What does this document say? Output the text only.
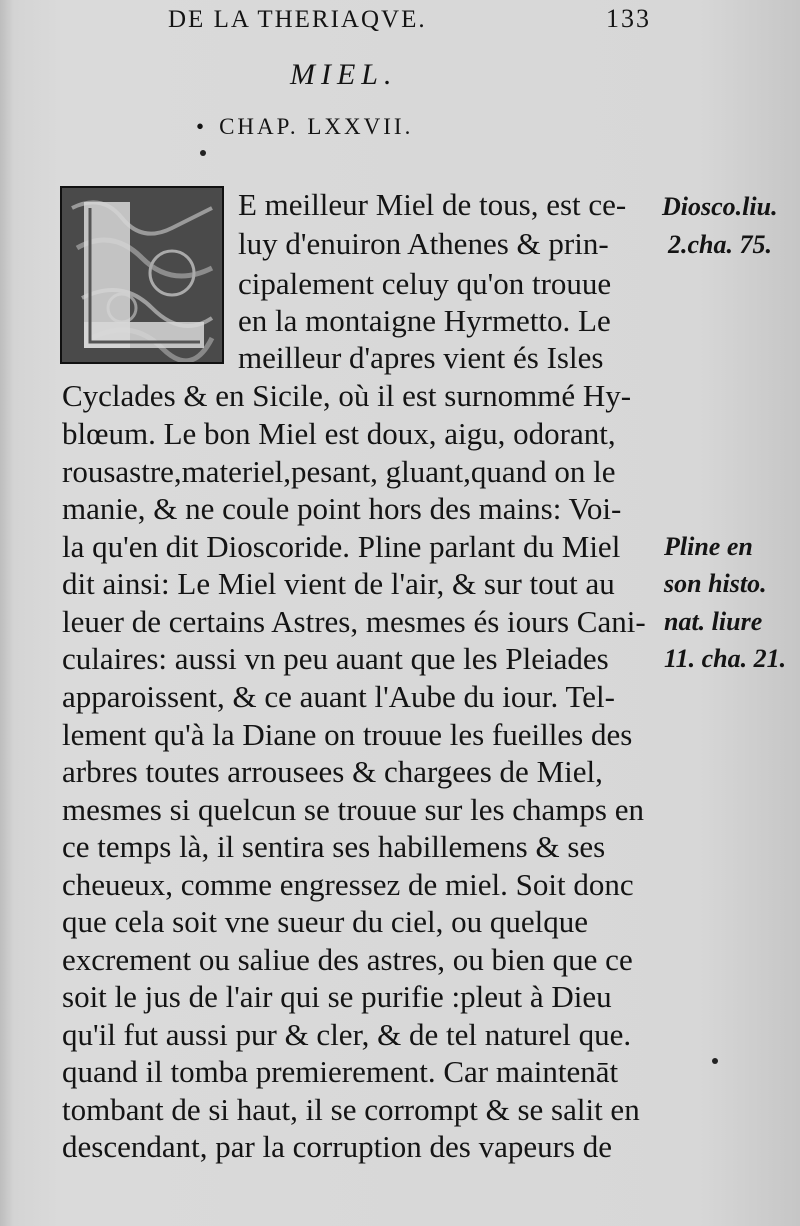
DE LA THERIAQVE.	133
MIEL.
• CHAP. LXXVII.
E meilleur Miel de tous, est ce-
luy d'enuiron Athenes & prin-
cipalement celuy qu'on trouue
en la montaigne Hyrmetto. Le
meilleur d'apres vient és Isles
Cyclades & en Sicile, où il est surnommé Hy-
blœum. Le bon Miel est doux, aigu, odorant,
rousastre,materiel,pesant, gluant,quand on le
manie, & ne coule point hors des mains: Voi-
la qu'en dit Dioscoride. Pline parlant du Miel
dit ainsi: Le Miel vient de l'air, & sur tout au
leuer de certains Astres, mesmes és iours Cani-
culaires: aussi vn peu auant que les Pleiades
apparoissent, & ce auant l'Aube du iour. Tel-
lement qu'à la Diane on trouue les fueilles des
arbres toutes arrousees & chargees de Miel,
mesmes si quelcun se trouue sur les champs en
ce temps là, il sentira ses habillemens & ses
cheueux, comme engressez de miel. Soit donc
que cela soit vne sueur du ciel, ou quelque
excrement ou saliue des astres, ou bien que ce
soit le jus de l'air qui se purifie :pleut à Dieu
qu'il fut aussi pur & cler, & de tel naturel que.
quand il tomba premierement. Car maintenāt
tombant de si haut, il se corrompt & se salit en
descendant, par la corruption des vapeurs de
Diosco.liu.
2.cha. 75.
Pline en
son histo.
nat. liure
11. cha. 21.
